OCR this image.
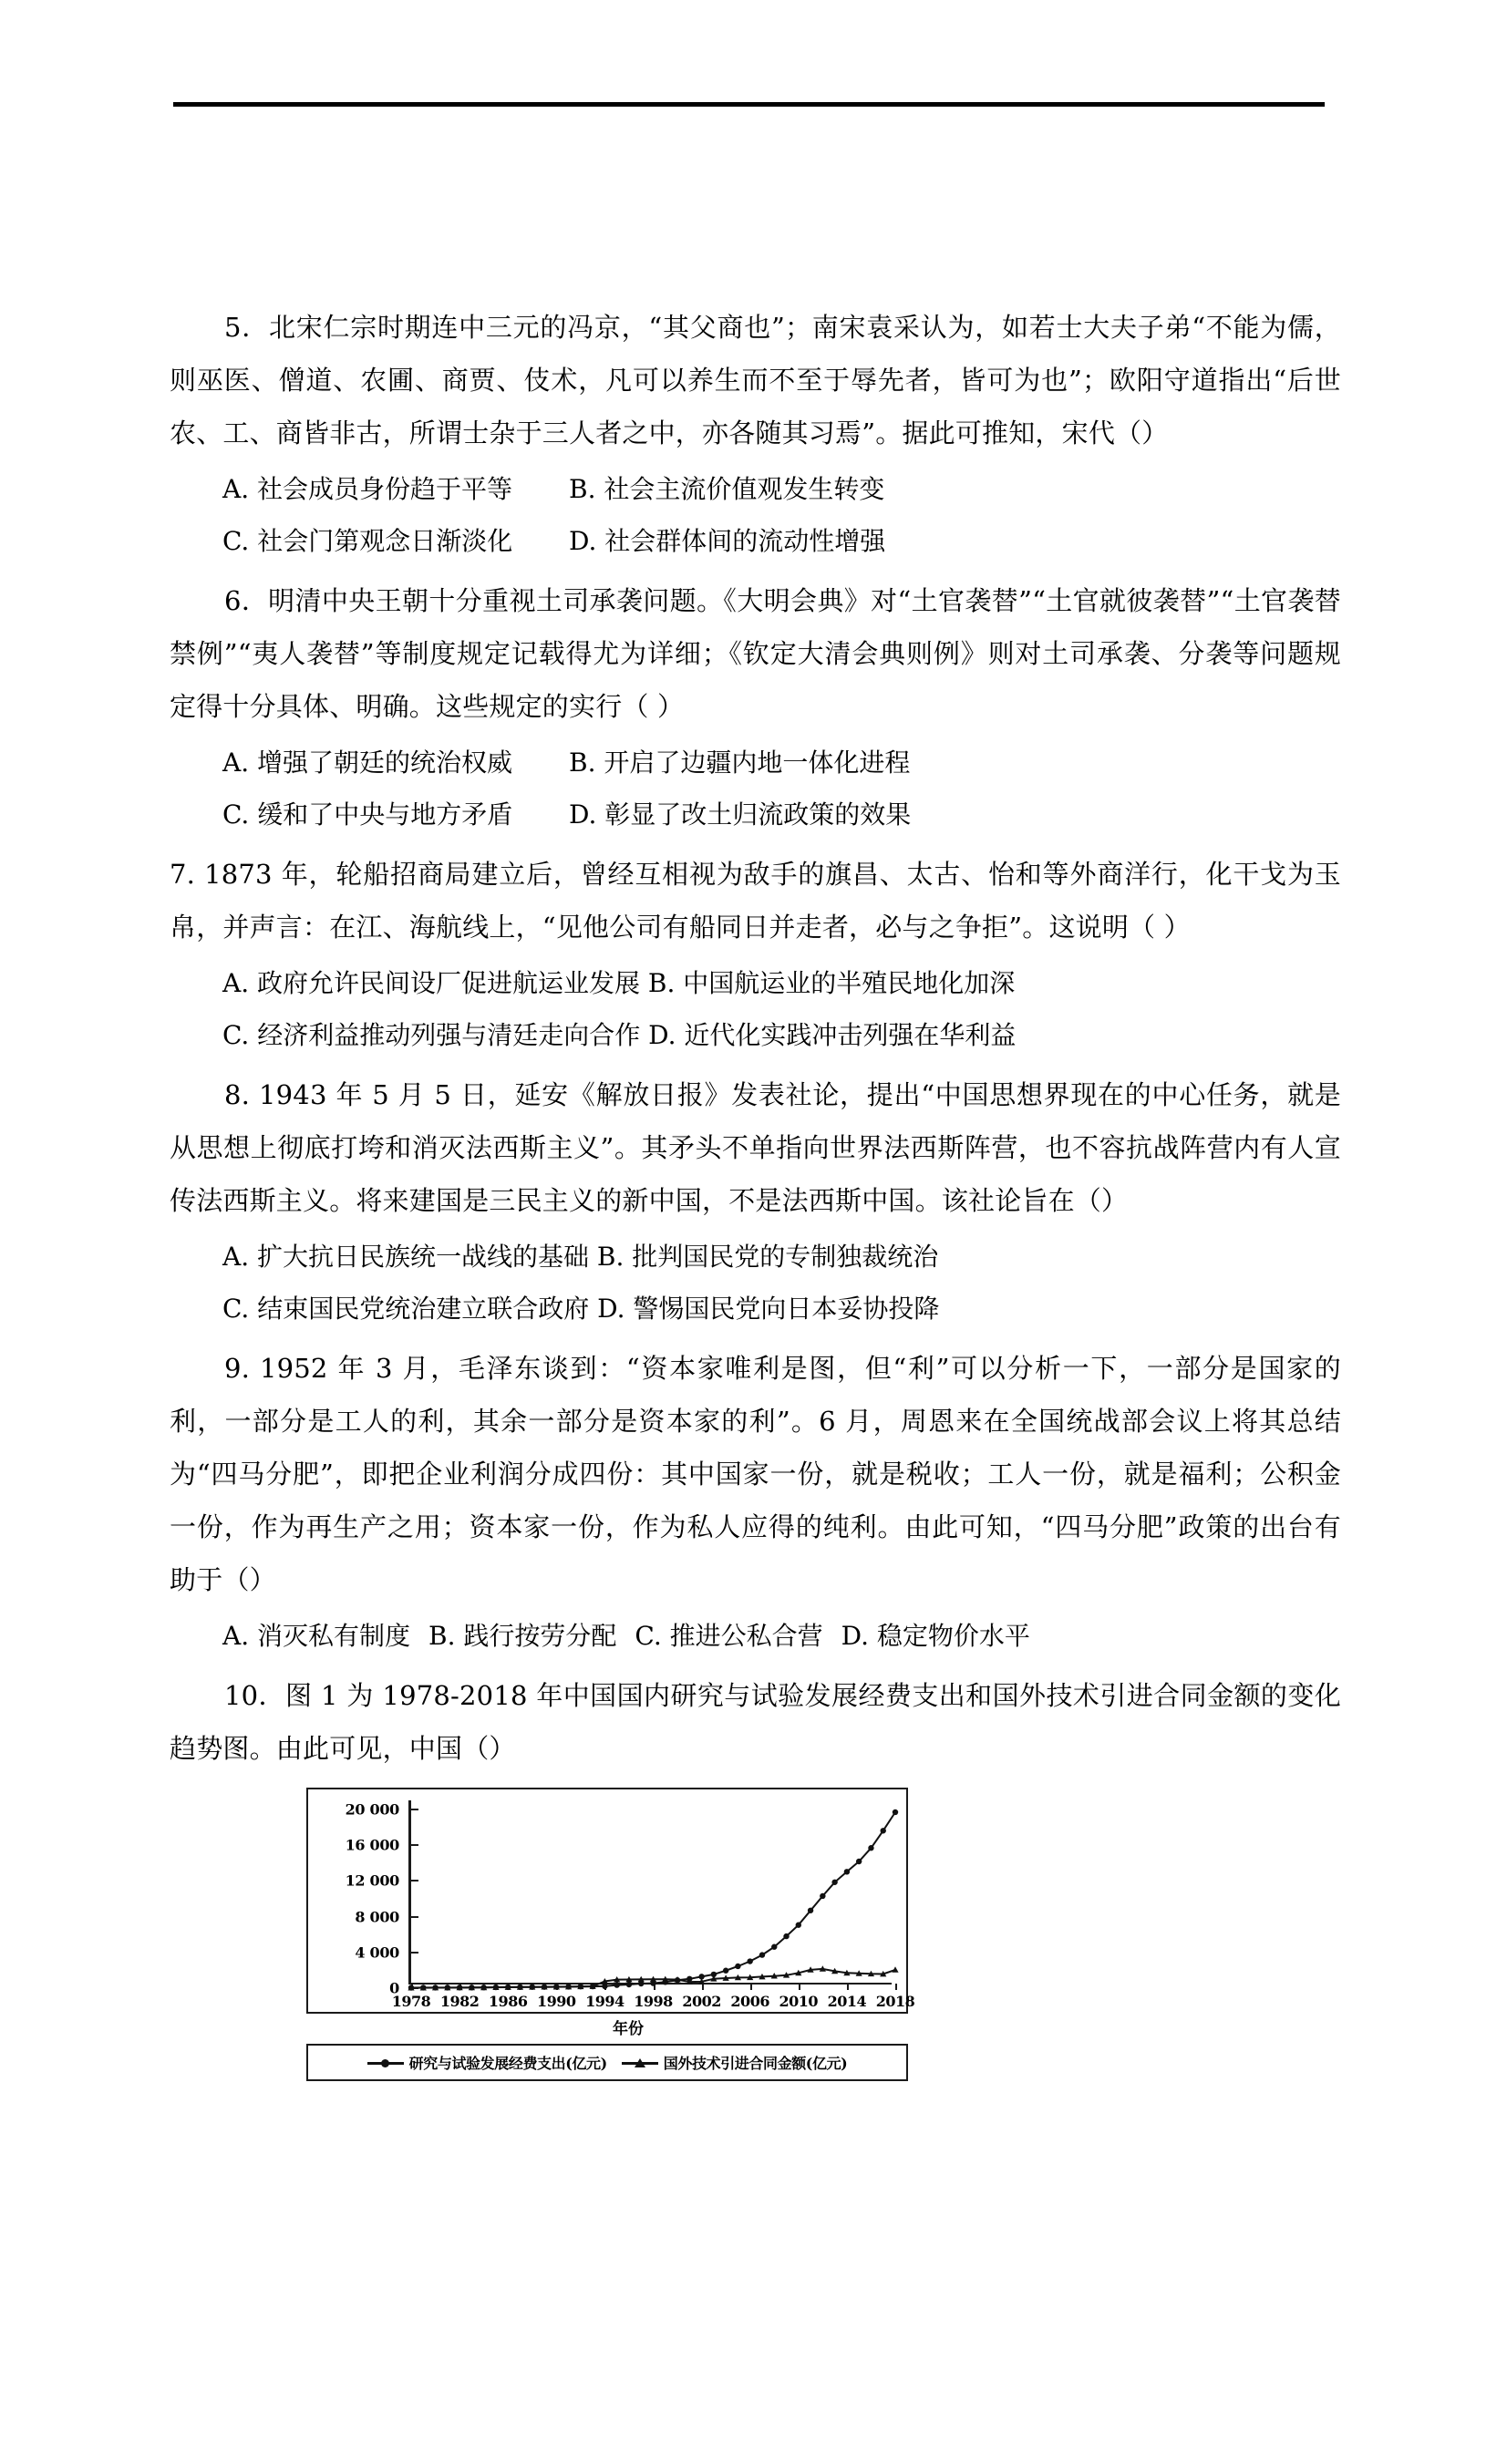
5．北宋仁宗时期连中三元的冯京，“其父商也”；南宋袁采认为，如若士大夫子弟“不能为儒，则巫医、僧道、农圃、商贾、伎术，凡可以养生而不至于辱先者，皆可为也”；欧阳守道指出“后世农、工、商皆非古，所谓士杂于三人者之中，亦各随其习焉”。据此可推知，宋代（）

A. 社会成员身份趋于平等 B. 社会主流价值观发生转变
C. 社会门第观念日渐淡化 D. 社会群体间的流动性增强

6．明清中央王朝十分重视土司承袭问题。《大明会典》对“土官袭替”“土官就彼袭替”“土官袭替禁例”“夷人袭替”等制度规定记载得尤为详细；《钦定大清会典则例》则对土司承袭、分袭等问题规定得十分具体、明确。这些规定的实行（ ）

A. 增强了朝廷的统治权威 B. 开启了边疆内地一体化进程
C. 缓和了中央与地方矛盾 D. 彰显了改土归流政策的效果

7. 1873 年，轮船招商局建立后，曾经互相视为敌手的旗昌、太古、怡和等外商洋行，化干戈为玉帛，并声言：在江、海航线上，“见他公司有船同日并走者，必与之争拒”。这说明（ ）

A. 政府允许民间设厂促进航运业发展 B. 中国航运业的半殖民地化加深
C. 经济利益推动列强与清廷走向合作 D. 近代化实践冲击列强在华利益

8. 1943 年 5 月 5 日，延安《解放日报》发表社论，提出“中国思想界现在的中心任务，就是从思想上彻底打垮和消灭法西斯主义”。其矛头不单指向世界法西斯阵营，也不容抗战阵营内有人宣传法西斯主义。将来建国是三民主义的新中国，不是法西斯中国。该社论旨在（）

A. 扩大抗日民族统一战线的基础 B. 批判国民党的专制独裁统治
C. 结束国民党统治建立联合政府 D. 警惕国民党向日本妥协投降

9. 1952 年 3 月，毛泽东谈到：“资本家唯利是图，但“利”可以分析一下，一部分是国家的利，一部分是工人的利，其余一部分是资本家的利”。6 月，周恩来在全国统战部会议上将其总结为“四马分肥”，即把企业利润分成四份：其中国家一份，就是税收；工人一份，就是福利；公积金一份，作为再生产之用；资本家一份，作为私人应得的纯利。由此可知，“四马分肥”政策的出台有助于（）

A. 消灭私有制度 B. 践行按劳分配 C. 推进公私合营 D. 稳定物价水平

10．图 1 为 1978-2018 年中国国内研究与试验发展经费支出和国外技术引进合同金额的变化趋势图。由此可见，中国（）

20 000
16 000
12 000
8 000
4 000
0
1978 1982 1986 1990 1994 1998 2002 2006 2010 2014 2018
年份
研究与试验发展经费支出(亿元)	国外技术引进合同金额(亿元)
